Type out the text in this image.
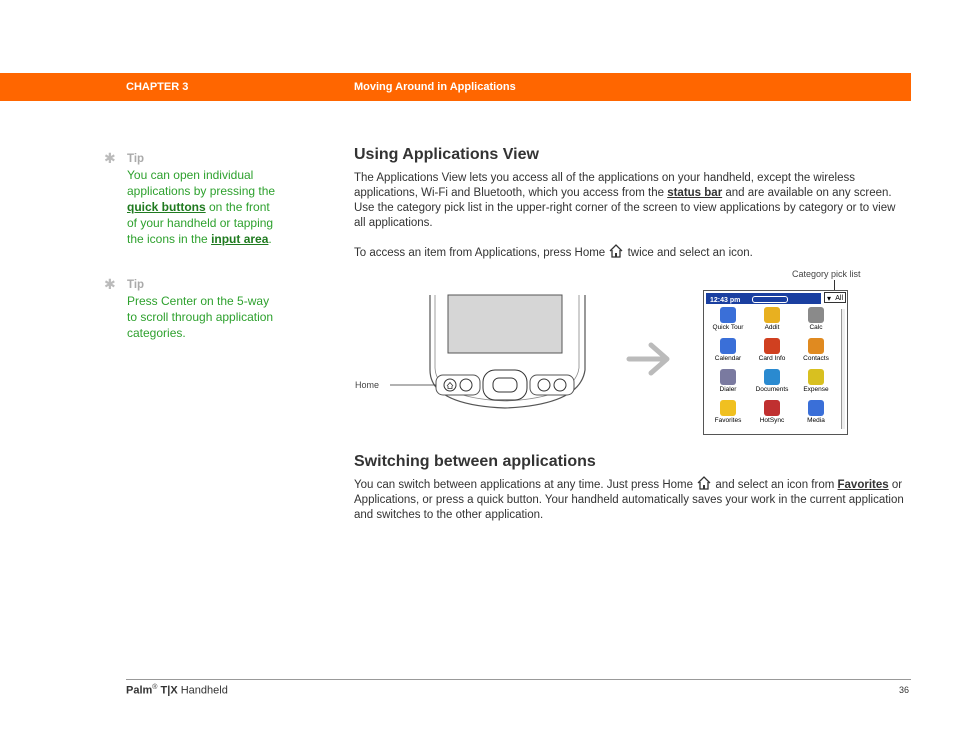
CHAPTER 3	Moving Around in Applications
✱ Tip
You can open individual applications by pressing the quick buttons on the front of your handheld or tapping the icons in the input area.
✱ Tip
Press Center on the 5-way to scroll through application categories.
Using Applications View
The Applications View lets you access all of the applications on your handheld, except the wireless applications, Wi-Fi and Bluetooth, which you access from the status bar and are available on any screen. Use the category pick list in the upper-right corner of the screen to view applications by category or to view all applications.
To access an item from Applications, press Home  twice and select an icon.
Home
Category pick list
12:43 pm
▾	All
Quick Tour	Addit	Calc
Calendar	Card Info	Contacts
Dialer	Documents	Expense
Favorites	HotSync	Media
Switching between applications
You can switch between applications at any time. Just press Home  and select an icon from Favorites or Applications, or press a quick button. Your handheld automatically saves your work in the current application and switches to the other application.
Palm® T|X Handheld	36
